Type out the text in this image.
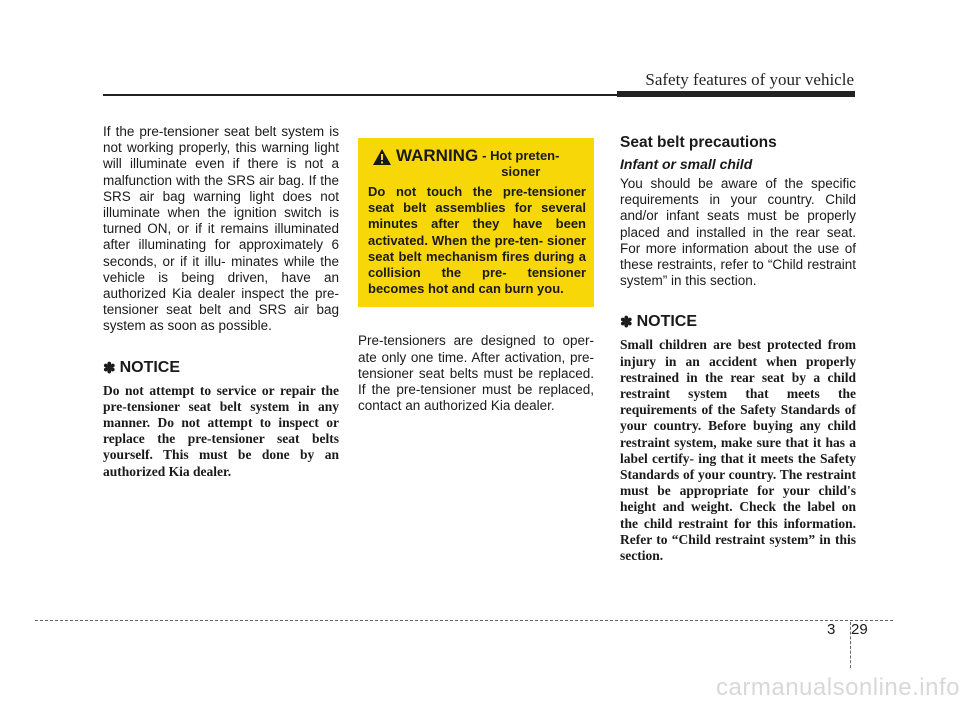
Safety features of your vehicle

If the pre-tensioner seat belt system is not working properly, this warning light will illuminate even if there is not a malfunction with the SRS air bag. If the SRS air bag warning light does not illuminate when the ignition switch is turned ON, or if it remains illuminated after illuminating for approximately 6 seconds, or if it illu- minates while the vehicle is being driven, have an authorized Kia dealer inspect the pre-tensioner seat belt and SRS air bag system as soon as possible.

✽ NOTICE

Do not attempt to service or repair the pre-tensioner seat belt system in any manner. Do not attempt to inspect or replace the pre-tensioner seat belts yourself. This must be done by an authorized Kia dealer.

WARNING - Hot preten-
sioner

Do not touch the pre-tensioner seat belt assemblies for several minutes after they have been activated. When the pre-ten- sioner seat belt mechanism fires during a collision the pre- tensioner becomes hot and can burn you.

Pre-tensioners are designed to oper- ate only one time. After activation, pre-tensioner seat belts must be replaced. If the pre-tensioner must be replaced, contact an authorized Kia dealer.

Seat belt precautions
Infant or small child

You should be aware of the specific requirements in your country. Child and/or infant seats must be properly placed and installed in the rear seat. For more information about the use of these restraints, refer to “Child restraint system” in this section.

✽ NOTICE

Small children are best protected from injury in an accident when properly restrained in the rear seat by a child restraint system that meets the requirements of the Safety Standards of your country. Before buying any child restraint system, make sure that it has a label certify- ing that it meets the Safety Standards of your country. The restraint must be appropriate for your child's height and weight. Check the label on the child restraint for this information. Refer to “Child restraint system” in this section.

3 29
carmanualsonline.info
